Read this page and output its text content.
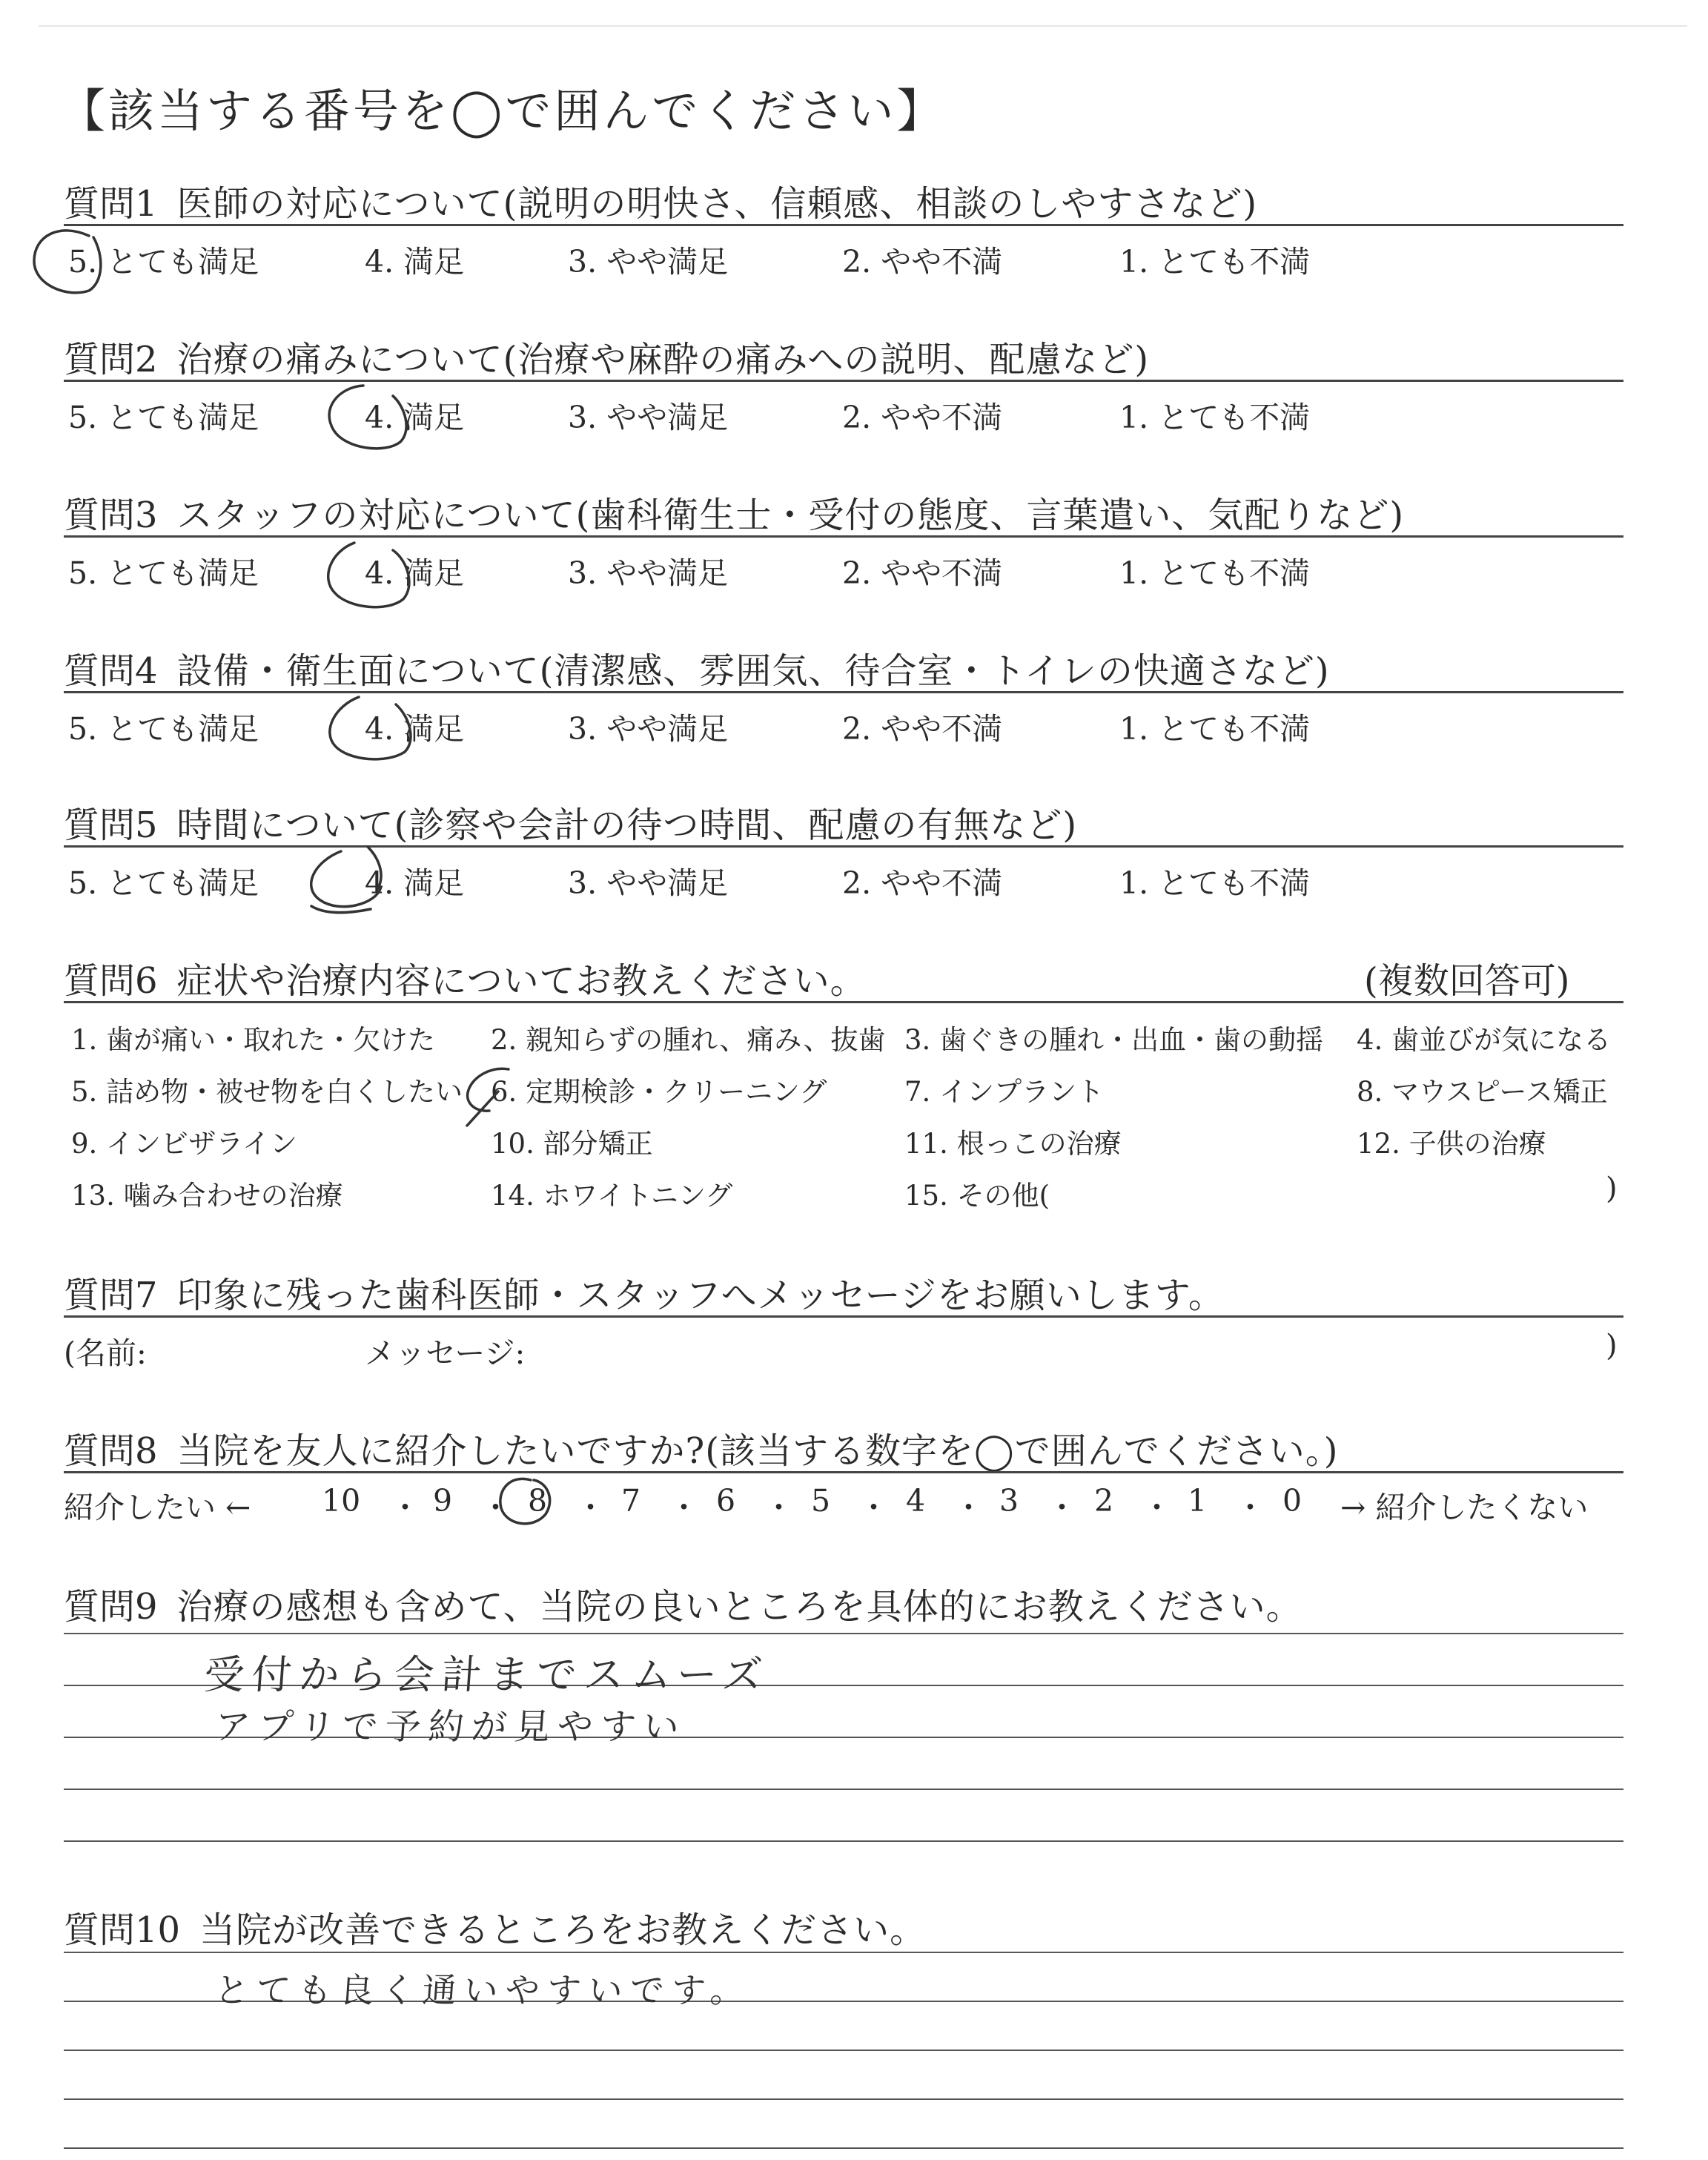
【該当する番号を◯で囲んでください】
質問1 医師の対応について(説明の明快さ、信頼感、相談のしやすさなど)
5. とても満足	4. 満足	3. やや満足	2. やや不満	1. とても不満
質問2 治療の痛みについて(治療や麻酔の痛みへの説明、配慮など)
5. とても満足	4. 満足	3. やや満足	2. やや不満	1. とても不満
質問3 スタッフの対応について(歯科衛生士・受付の態度、言葉遣い、気配りなど)
5. とても満足	4. 満足	3. やや満足	2. やや不満	1. とても不満
質問4 設備・衛生面について(清潔感、雰囲気、待合室・トイレの快適さなど)
5. とても満足	4. 満足	3. やや満足	2. やや不満	1. とても不満
質問5 時間について(診察や会計の待つ時間、配慮の有無など)
5. とても満足	4. 満足	3. やや満足	2. やや不満	1. とても不満
質問6 症状や治療内容についてお教えください。	(複数回答可)
1. 歯が痛い・取れた・欠けた 2. 親知らずの腫れ、痛み、抜歯 3. 歯ぐきの腫れ・出血・歯の動揺 4. 歯並びが気になる
5. 詰め物・被せ物を白くしたい 6. 定期検診・クリーニング	7. インプラント	8. マウスピース矯正
9. インビザライン	10. 部分矯正	11. 根っこの治療	12. 子供の治療
13. 噛み合わせの治療	14. ホワイトニング	15. その他(	)
質問7 印象に残った歯科医師・スタッフへメッセージをお願いします。
(名前:	メッセージ:	)
質問8 当院を友人に紹介したいですか?(該当する数字を◯で囲んでください。)
紹介したい ← 10 ・ 9 ・ 8 ・ 7 ・ 6 ・ 5 ・ 4 ・ 3 ・ 2 ・ 1 ・ 0 → 紹介したくない
質問9 治療の感想も含めて、当院の良いところを具体的にお教えください。
受付から会計までスムーズ
アプリで予約が見やすい
質問10 当院が改善できるところをお教えください。
とても良く通いやすいです。
